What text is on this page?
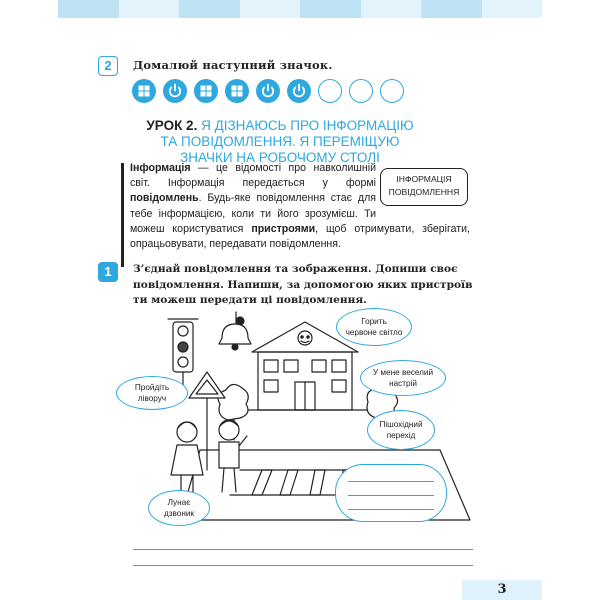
2	Домалюй наступний значок.
УРОК 2. Я ДІЗНАЮСЬ ПРО ІНФОРМАЦІЮ
ТА ПОВІДОМЛЕННЯ. Я ПЕРЕМІЩУЮ
ЗНАЧКИ НА РОБОЧОМУ СТОЛІ
Інформація — це відомості про навколишній світ. Інформація передається у формі повідомлень. Будь-яке повідомлення стає для тебе інформацією, коли ти його зрозумієш. Ти можеш користуватися пристроями, щоб отримувати, зберігати, опрацьовувати, передавати повідомлення.
ІНФОРМАЦІЯ
ПОВІДОМЛЕННЯ
1	З’єднай повідомлення та зображення. Допиши своє повідомлення. Напиши, за допомогою яких пристроїв ти можеш передати ці повідомлення.
Горить
червоне світло
У мене веселий
настрій
Пройдіть
ліворуч
Пішохідний
перехід
Лунає
дзвоник
3
